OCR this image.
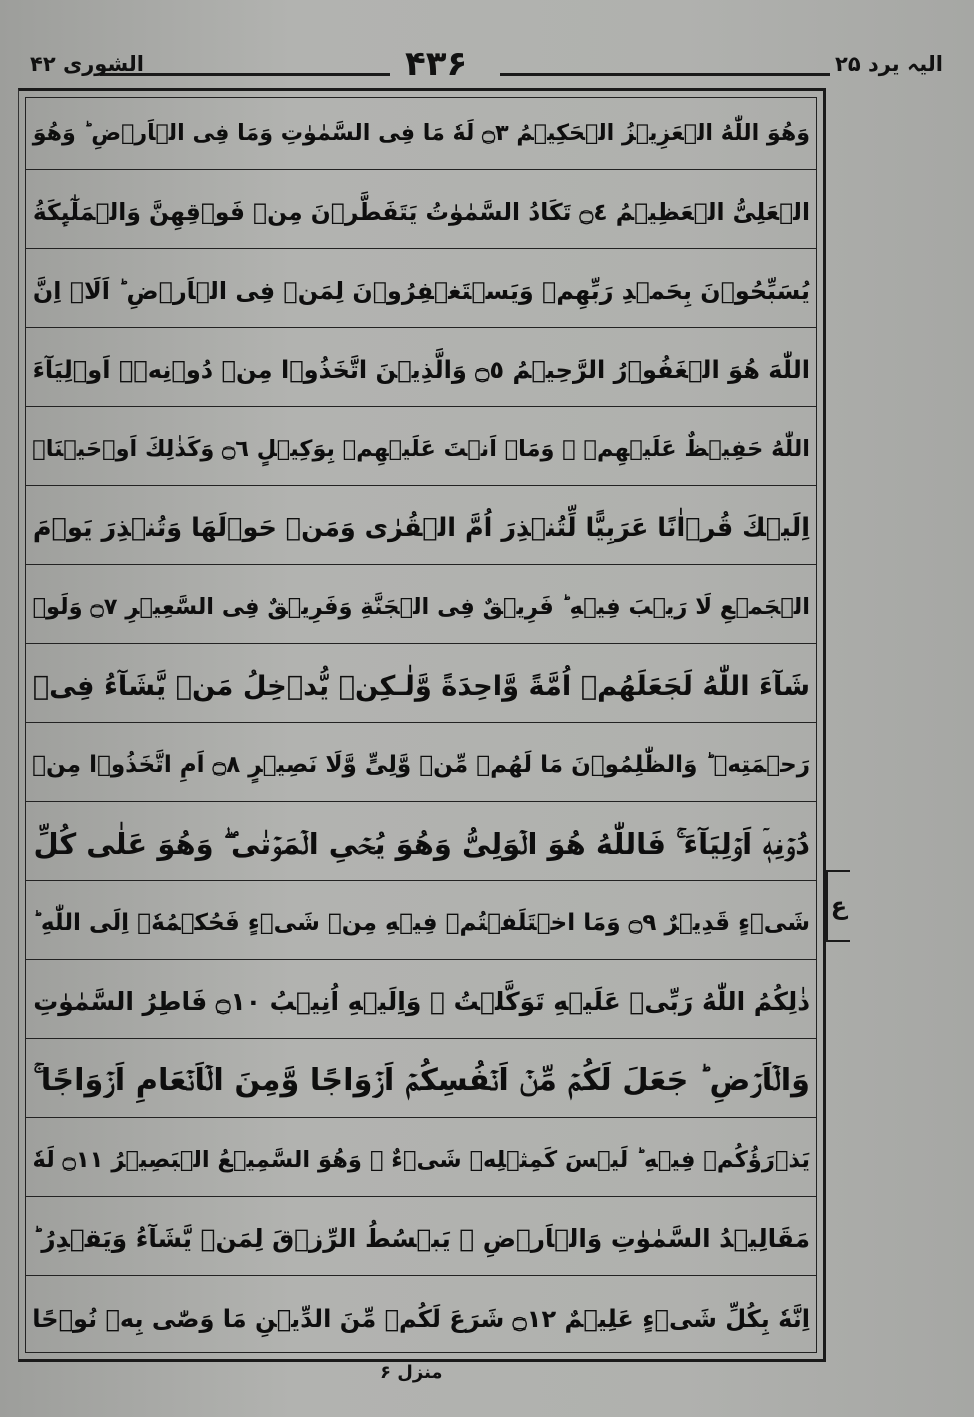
الشوری ۴۲	۴۳۶	الیہ یرد ۲۵
وَهُوَ اللّٰهُ الۡعَزِيۡزُ الۡحَكِيۡمُ ۝٣ لَهٗ مَا فِى السَّمٰوٰتِ وَمَا فِى الۡاَرۡضِ ؕ وَهُوَ
الۡعَلِىُّ الۡعَظِيۡمُ ۝٤ تَكَادُ السَّمٰوٰتُ يَتَفَطَّرۡنَ مِنۡ فَوۡقِهِنَّ وَالۡمَلٰٓٮِٕكَةُ
يُسَبِّحُوۡنَ بِحَمۡدِ رَبِّهِمۡ وَيَسۡتَغۡفِرُوۡنَ لِمَنۡ فِى الۡاَرۡضِ ؕ اَلَاۤ اِنَّ
اللّٰهَ هُوَ الۡغَفُوۡرُ الرَّحِيۡمُ ۝٥ وَالَّذِيۡنَ اتَّخَذُوۡا مِنۡ دُوۡنِهٖۤ اَوۡلِيَآءَ
اللّٰهُ حَفِيۡظٌ عَلَيۡهِمۡ ۖ وَمَاۤ اَنۡتَ عَلَيۡهِمۡ بِوَكِيۡلٍ ۝٦ وَكَذٰلِكَ اَوۡحَيۡنَاۤ
اِلَيۡكَ قُرۡاٰنًا عَرَبِيًّا لِّتُنۡذِرَ اُمَّ الۡقُرٰى وَمَنۡ حَوۡلَهَا وَتُنۡذِرَ يَوۡمَ
الۡجَمۡعِ لَا رَيۡبَ فِيۡهِ ؕ فَرِيۡقٌ فِى الۡجَنَّةِ وَفَرِيۡقٌ فِى السَّعِيۡرِ ۝٧ وَلَوۡ
شَآءَ اللّٰهُ لَجَعَلَهُمۡ اُمَّةً وَّاحِدَةً وَّلٰـكِنۡ يُّدۡخِلُ مَنۡ يَّشَآءُ فِىۡ
رَحۡمَتِهٖ ؕ وَالظّٰلِمُوۡنَ مَا لَهُمۡ مِّنۡ وَّلِىٍّ وَّلَا نَصِيۡرٍ ۝٨ اَمِ اتَّخَذُوۡا مِنۡ
دُوۡنِهٖۤ اَوۡلِيَآءَ ۚ فَاللّٰهُ هُوَ الۡوَلِىُّ وَهُوَ يُحۡىِ الۡمَوۡتٰى ۖ وَهُوَ عَلٰى كُلِّ
شَىۡءٍ قَدِيۡرٌ ۝٩ وَمَا اخۡتَلَفۡتُمۡ فِيۡهِ مِنۡ شَىۡءٍ فَحُكۡمُهٗۤ اِلَى اللّٰهِ ؕ
ذٰلِكُمُ اللّٰهُ رَبِّىۡ عَلَيۡهِ تَوَكَّلۡتُ ۖ وَاِلَيۡهِ اُنِيۡبُ ۝١٠ فَاطِرُ السَّمٰوٰتِ
وَالۡاَرۡضِ ؕ جَعَلَ لَكُمۡ مِّنۡ اَنۡفُسِكُمۡ اَزۡوَاجًا وَّمِنَ الۡاَنۡعَامِ اَزۡوَاجًا ۚ
يَذۡرَؤُكُمۡ فِيۡهِ ؕ لَيۡسَ كَمِثۡلِهٖ شَىۡءٌ ۚ وَهُوَ السَّمِيۡعُ الۡبَصِيۡرُ ۝١١ لَهٗ
مَقَالِيۡدُ السَّمٰوٰتِ وَالۡاَرۡضِ ۚ يَبۡسُطُ الرِّزۡقَ لِمَنۡ يَّشَآءُ وَيَقۡدِرُ ؕ
اِنَّهٗ بِكُلِّ شَىۡءٍ عَلِيۡمٌ ۝١٢ شَرَعَ لَكُمۡ مِّنَ الدِّيۡنِ مَا وَصّٰى بِهٖ نُوۡحًا
ع
منزل ۶
